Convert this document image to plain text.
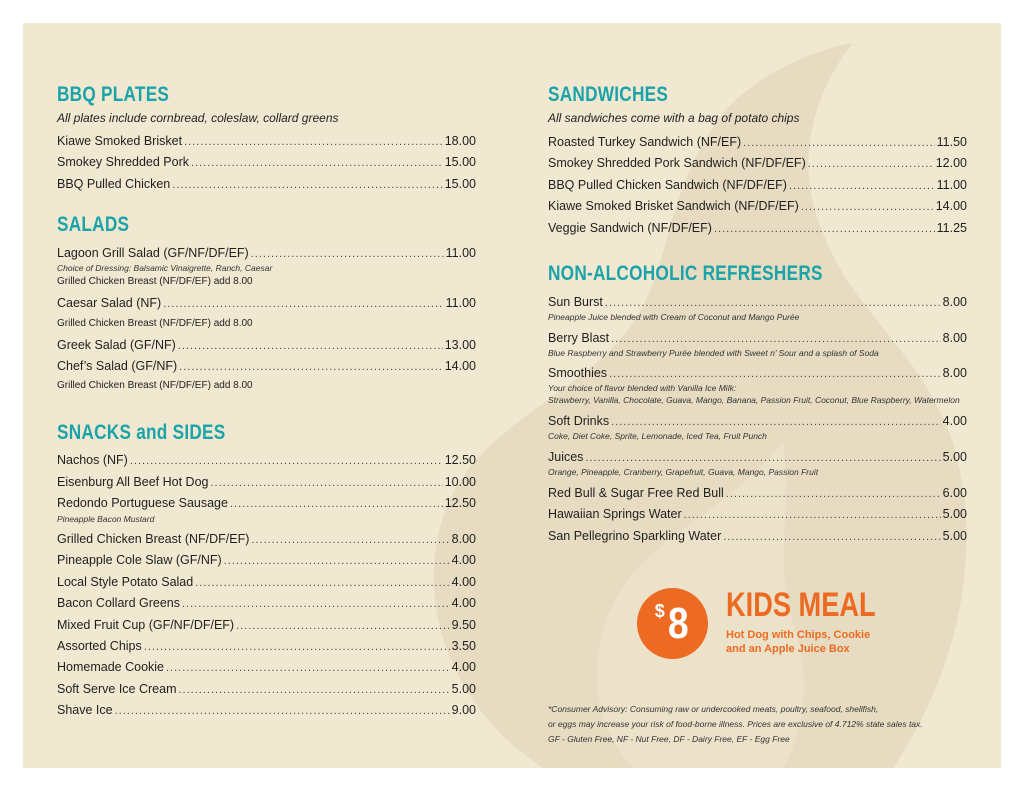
BBQ PLATES
All plates include cornbread, coleslaw, collard greens
Kiawe Smoked Brisket .....	18.00
Smokey Shredded Pork .....	15.00
BBQ Pulled Chicken .....	15.00
SALADS
Lagoon Grill Salad (GF/NF/DF/EF) .....	11.00
Choice of Dressing: Balsamic Vinaigrette, Ranch, Caesar
Grilled Chicken Breast (NF/DF/EF) add 8.00
Caesar Salad (NF) .....	11.00
Grilled Chicken Breast (NF/DF/EF) add 8.00
Greek Salad (GF/NF) .....	13.00
Chef’s Salad (GF/NF) .....	14.00
Grilled Chicken Breast (NF/DF/EF) add 8.00
SNACKS and SIDES
Nachos (NF) .....	12.50
Eisenburg All Beef Hot Dog .....	10.00
Redondo Portuguese Sausage .....	12.50
Pineapple Bacon Mustard
Grilled Chicken Breast (NF/DF/EF) .....	8.00
Pineapple Cole Slaw (GF/NF) .....	4.00
Local Style Potato Salad .....	4.00
Bacon Collard Greens .....	4.00
Mixed Fruit Cup (GF/NF/DF/EF) .....	9.50
Assorted Chips .....	3.50
Homemade Cookie .....	4.00
Soft Serve Ice Cream .....	5.00
Shave Ice .....	9.00
SANDWICHES
All sandwiches come with a bag of potato chips
Roasted Turkey Sandwich (NF/EF) .....	11.50
Smokey Shredded Pork Sandwich (NF/DF/EF) .....	12.00
BBQ Pulled Chicken Sandwich (NF/DF/EF) .....	11.00
Kiawe Smoked Brisket Sandwich (NF/DF/EF) .....	14.00
Veggie Sandwich (NF/DF/EF) .....	11.25
NON-ALCOHOLIC REFRESHERS
Sun Burst .....	8.00
Pineapple Juice blended with Cream of Coconut and Mango Purée
Berry Blast .....	8.00
Blue Raspberry and Strawberry Purée blended with Sweet n’ Sour and a splash of Soda
Smoothies .....	8.00
Your choice of flavor blended with Vanilla Ice Milk:
Strawberry, Vanilla, Chocolate, Guava, Mango, Banana, Passion Fruit, Coconut, Blue Raspberry, Watermelon
Soft Drinks .....	4.00
Coke, Diet Coke, Sprite, Lemonade, Iced Tea, Fruit Punch
Juices .....	5.00
Orange, Pineapple, Cranberry, Grapefruit, Guava, Mango, Passion Fruit
Red Bull & Sugar Free Red Bull .....	6.00
Hawaiian Springs Water .....	5.00
San Pellegrino Sparkling Water .....	5.00
$ 8 KIDS MEAL
Hot Dog with Chips, Cookie
and an Apple Juice Box
*Consumer Advisory: Consuming raw or undercooked meats, poultry, seafood, shellfish,
or eggs may increase your risk of food-borne illness. Prices are exclusive of 4.712% state sales tax.
GF - Gluten Free, NF - Nut Free, DF - Dairy Free, EF - Egg Free
